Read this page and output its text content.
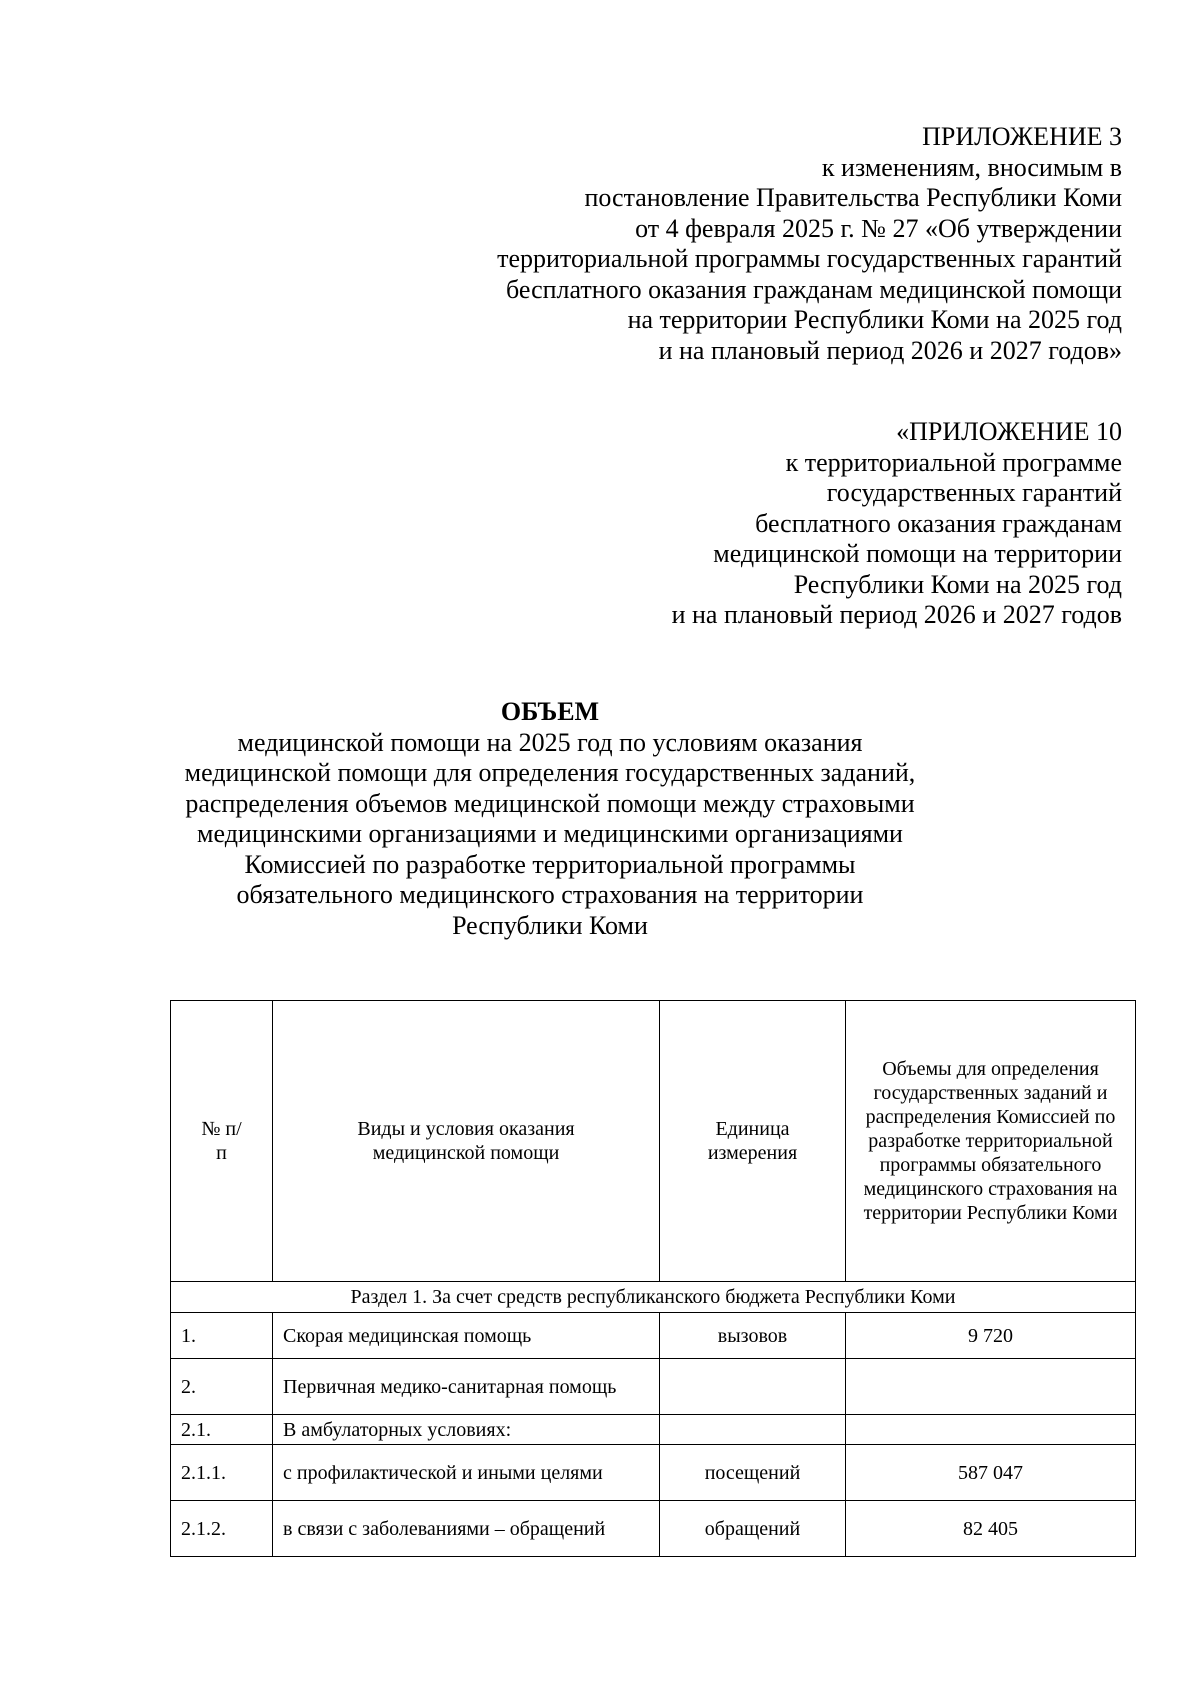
ПРИЛОЖЕНИЕ 3
к изменениям, вносимым в
постановление Правительства Республики Коми
от 4 февраля 2025 г. № 27 «Об утверждении
территориальной программы государственных гарантий
бесплатного оказания гражданам медицинской помощи
на территории Республики Коми на 2025 год
и на плановый период 2026 и 2027 годов»
«ПРИЛОЖЕНИЕ 10
к территориальной программе
государственных гарантий
бесплатного оказания гражданам
медицинской помощи на территории
Республики Коми на 2025 год
и на плановый период 2026 и 2027 годов
ОБЪЕМ
медицинской помощи на 2025 год по условиям оказания
медицинской помощи для определения государственных заданий,
распределения объемов медицинской помощи между страховыми
медицинскими организациями и медицинскими организациями
Комиссией по разработке территориальной программы
обязательного медицинского страхования на территории
Республики Коми
№ п/п	Виды и условия оказания медицинской помощи	Единица измерения	Объемы для определения государственных заданий и распределения Комиссией по разработке территориальной программы обязательного медицинского страхования на территории Республики Коми
Раздел 1. За счет средств республиканского бюджета Республики Коми			
1.	Скорая медицинская помощь	вызовов	9 720
2.	Первичная медико-санитарная помощь		
2.1.	В амбулаторных условиях:		
2.1.1.	с профилактической и иными целями	посещений	587 047
2.1.2.	в связи с заболеваниями – обращений	обращений	82 405
